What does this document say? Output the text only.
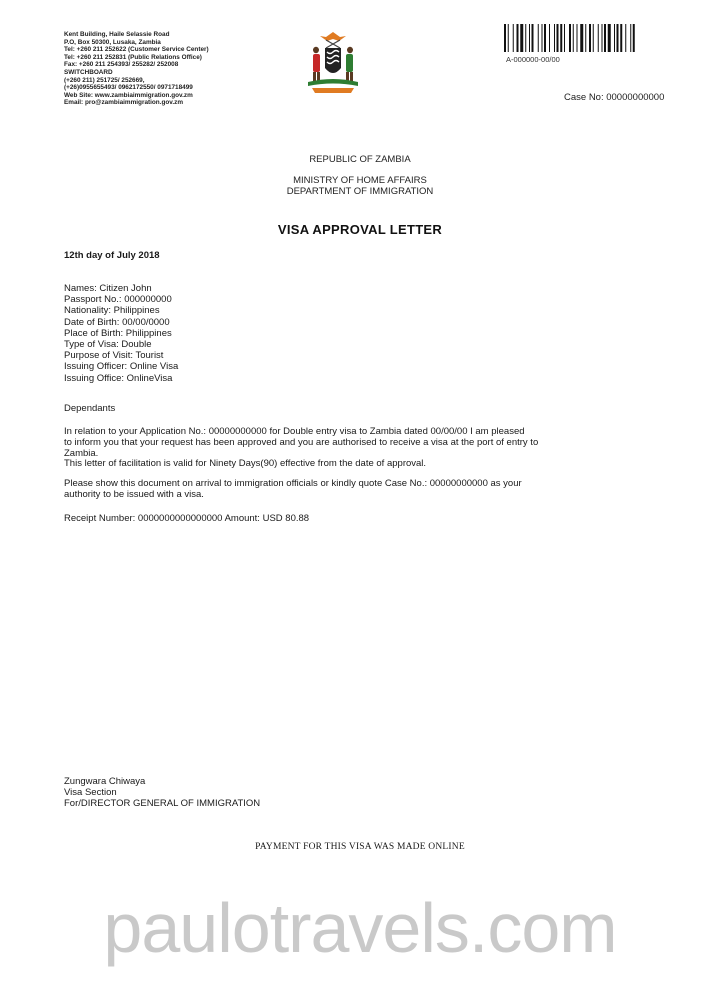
Kent Building, Haile Selassie Road
P.O, Box 50300, Lusaka, Zambia
Tel: +260 211 252622 (Customer Service Center)
Tel: +260 211 252831 (Public Relations Office)
Fax: +260 211 254393/ 255282/ 252008
SWITCHBOARD
(+260 211) 251725/ 252669,
(+26)0955655493/ 0962172550/ 0971718499
Web Site: www.zambiaimmigration.gov.zm
Email: pro@zambiaimmigration.gov.zm
A-000000-00/00
Case No: 00000000000
REPUBLIC OF ZAMBIA
MINISTRY OF HOME AFFAIRS
DEPARTMENT OF IMMIGRATION
VISA APPROVAL LETTER
12th day of July 2018
Names: Citizen John
Passport No.: 000000000
Nationality: Philippines
Date of Birth: 00/00/0000
Place of Birth: Philippines
Type of Visa: Double
Purpose of Visit: Tourist
Issuing Officer: Online Visa
Issuing Office: OnlineVisa
Dependants
In relation to your Application No.: 00000000000 for Double entry visa to Zambia dated 00/00/00 I am pleased
to inform you that your request has been approved and you are authorised to receive a visa at the port of entry to
Zambia.
This letter of facilitation is valid for Ninety Days(90) effective from the date of approval.
Please show this document on arrival to immigration officials or kindly quote Case No.: 00000000000 as your
authority to be issued with a visa.
Receipt Number: 0000000000000000 Amount: USD 80.88
Zungwara Chiwaya
Visa Section
For/DIRECTOR GENERAL OF IMMIGRATION
PAYMENT FOR THIS VISA WAS MADE ONLINE
paulotravels.com
